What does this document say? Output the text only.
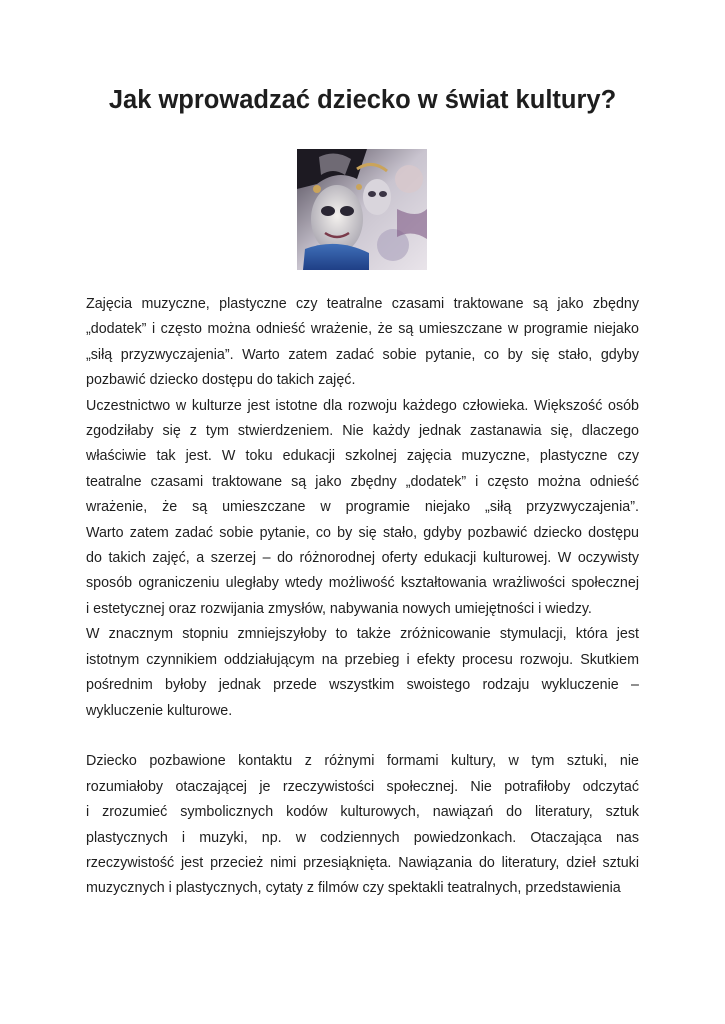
Jak wprowadzać dziecko w świat kultury?

Zajęcia muzyczne, plastyczne czy teatralne czasami traktowane są jako zbędny
„dodatek” i często można odnieść wrażenie, że są umieszczane w programie niejako
„siłą przyzwyczajenia”. Warto zatem zadać sobie pytanie, co by się stało, gdyby
pozbawić dziecko dostępu do takich zajęć.

Uczestnictwo w kulturze jest istotne dla rozwoju każdego człowieka. Większość osób
zgodziłaby się z tym stwierdzeniem. Nie każdy jednak zastanawia się, dlaczego
właściwie tak jest. W toku edukacji szkolnej zajęcia muzyczne, plastyczne czy
teatralne czasami traktowane są jako zbędny „dodatek” i często można odnieść
wrażenie, że są umieszczane w programie niejako „siłą przyzwyczajenia”.
Warto zatem zadać sobie pytanie, co by się stało, gdyby pozbawić dziecko dostępu
do takich zajęć, a szerzej – do różnorodnej oferty edukacji kulturowej. W oczywisty
sposób ograniczeniu uległaby wtedy możliwość kształtowania wrażliwości społecznej
i estetycznej oraz rozwijania zmysłów, nabywania nowych umiejętności i wiedzy.

W znacznym stopniu zmniejszyłoby to także zróżnicowanie stymulacji, która jest
istotnym czynnikiem oddziałującym na przebieg i efekty procesu rozwoju. Skutkiem
pośrednim byłoby jednak przede wszystkim swoistego rodzaju wykluczenie –
wykluczenie kulturowe.

Dziecko pozbawione kontaktu z różnymi formami kultury, w tym sztuki, nie
rozumiałoby otaczającej je rzeczywistości społecznej. Nie potrafiłoby odczytać
i zrozumieć symbolicznych kodów kulturowych, nawiązań do literatury, sztuk
plastycznych i muzyki, np. w codziennych powiedzonkach. Otaczająca nas
rzeczywistość jest przecież nimi przesiąknięta. Nawiązania do literatury, dzieł sztuki
muzycznych i plastycznych, cytaty z filmów czy spektakli teatralnych, przedstawienia
